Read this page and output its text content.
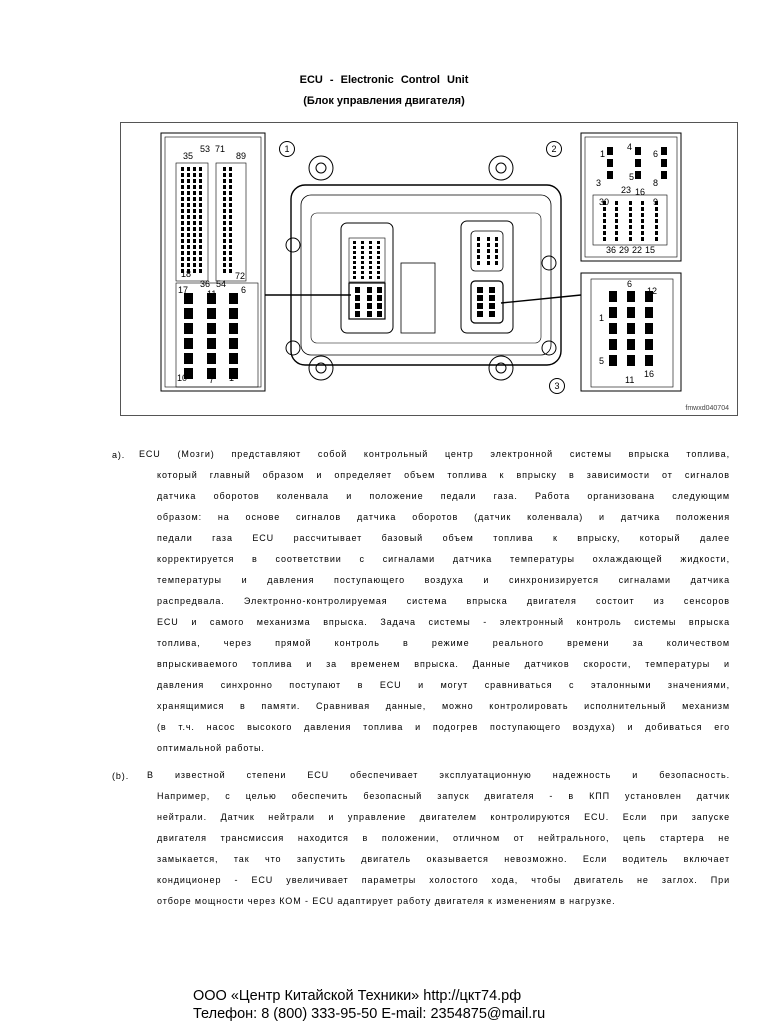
ECU - Electronic Control Unit
(Блок управления двигателя)
1	2
3
35
53 71
89
18
36 54
72
17 11	6
10 7 1
1
4
6
3
5
8
23 16
30	9
36 29 22 15
6
12
1
5
11
16
fmwxd040704
a). ECU (Мозги) представляют собой контрольный центр электронной системы впрыска топлива,
который главный образом и определяет объем топлива к впрыску в зависимости от сигналов
датчика оборотов коленвала и положение педали газа. Работа организована следующим
образом: на основе сигналов датчика оборотов (датчик коленвала) и датчика положения
педали газа ECU рассчитывает базовый объем топлива к впрыску, который далее
корректируется в соответствии с сигналами датчика температуры охлаждающей жидкости,
температуры и давления поступающего воздуха и синхронизируется сигналами датчика
распредвала. Электронно-контролируемая система впрыска двигателя состоит из сенсоров
ECU и самого механизма впрыска. Задача системы - электронный контроль системы впрыска
топлива, через прямой контроль в режиме реального времени за количеством
впрыскиваемого топлива и за временем впрыска. Данные датчиков скорости, температуры и
давления синхронно поступают в ECU и могут сравниваться с эталонными значениями,
хранящимися в памяти. Сравнивая данные, можно контролировать исполнительный механизм
(в т.ч. насос высокого давления топлива и подогрев поступающего воздуха) и добиваться его
оптимальной работы.
(b). В известной степени ECU обеспечивает эксплуатационную надежность и безопасность.
Например, с целью обеспечить безопасный запуск двигателя - в КПП установлен датчик
нейтрали. Датчик нейтрали и управление двигателем контролируются ECU. Если при запуске
двигателя трансмиссия находится в положении, отличном от нейтрального, цепь стартера не
замыкается, так что запустить двигатель оказывается невозможно. Если водитель включает
кондиционер - ECU увеличивает параметры холостого хода, чтобы двигатель не заглох. При
отборе мощности через КОМ - ECU адаптирует работу двигателя к изменениям в нагрузке.
ООО «Центр Китайской Техники» http://цкт74.рф
Телефон: 8 (800) 333-95-50 E-mail: 2354875@mail.ru
